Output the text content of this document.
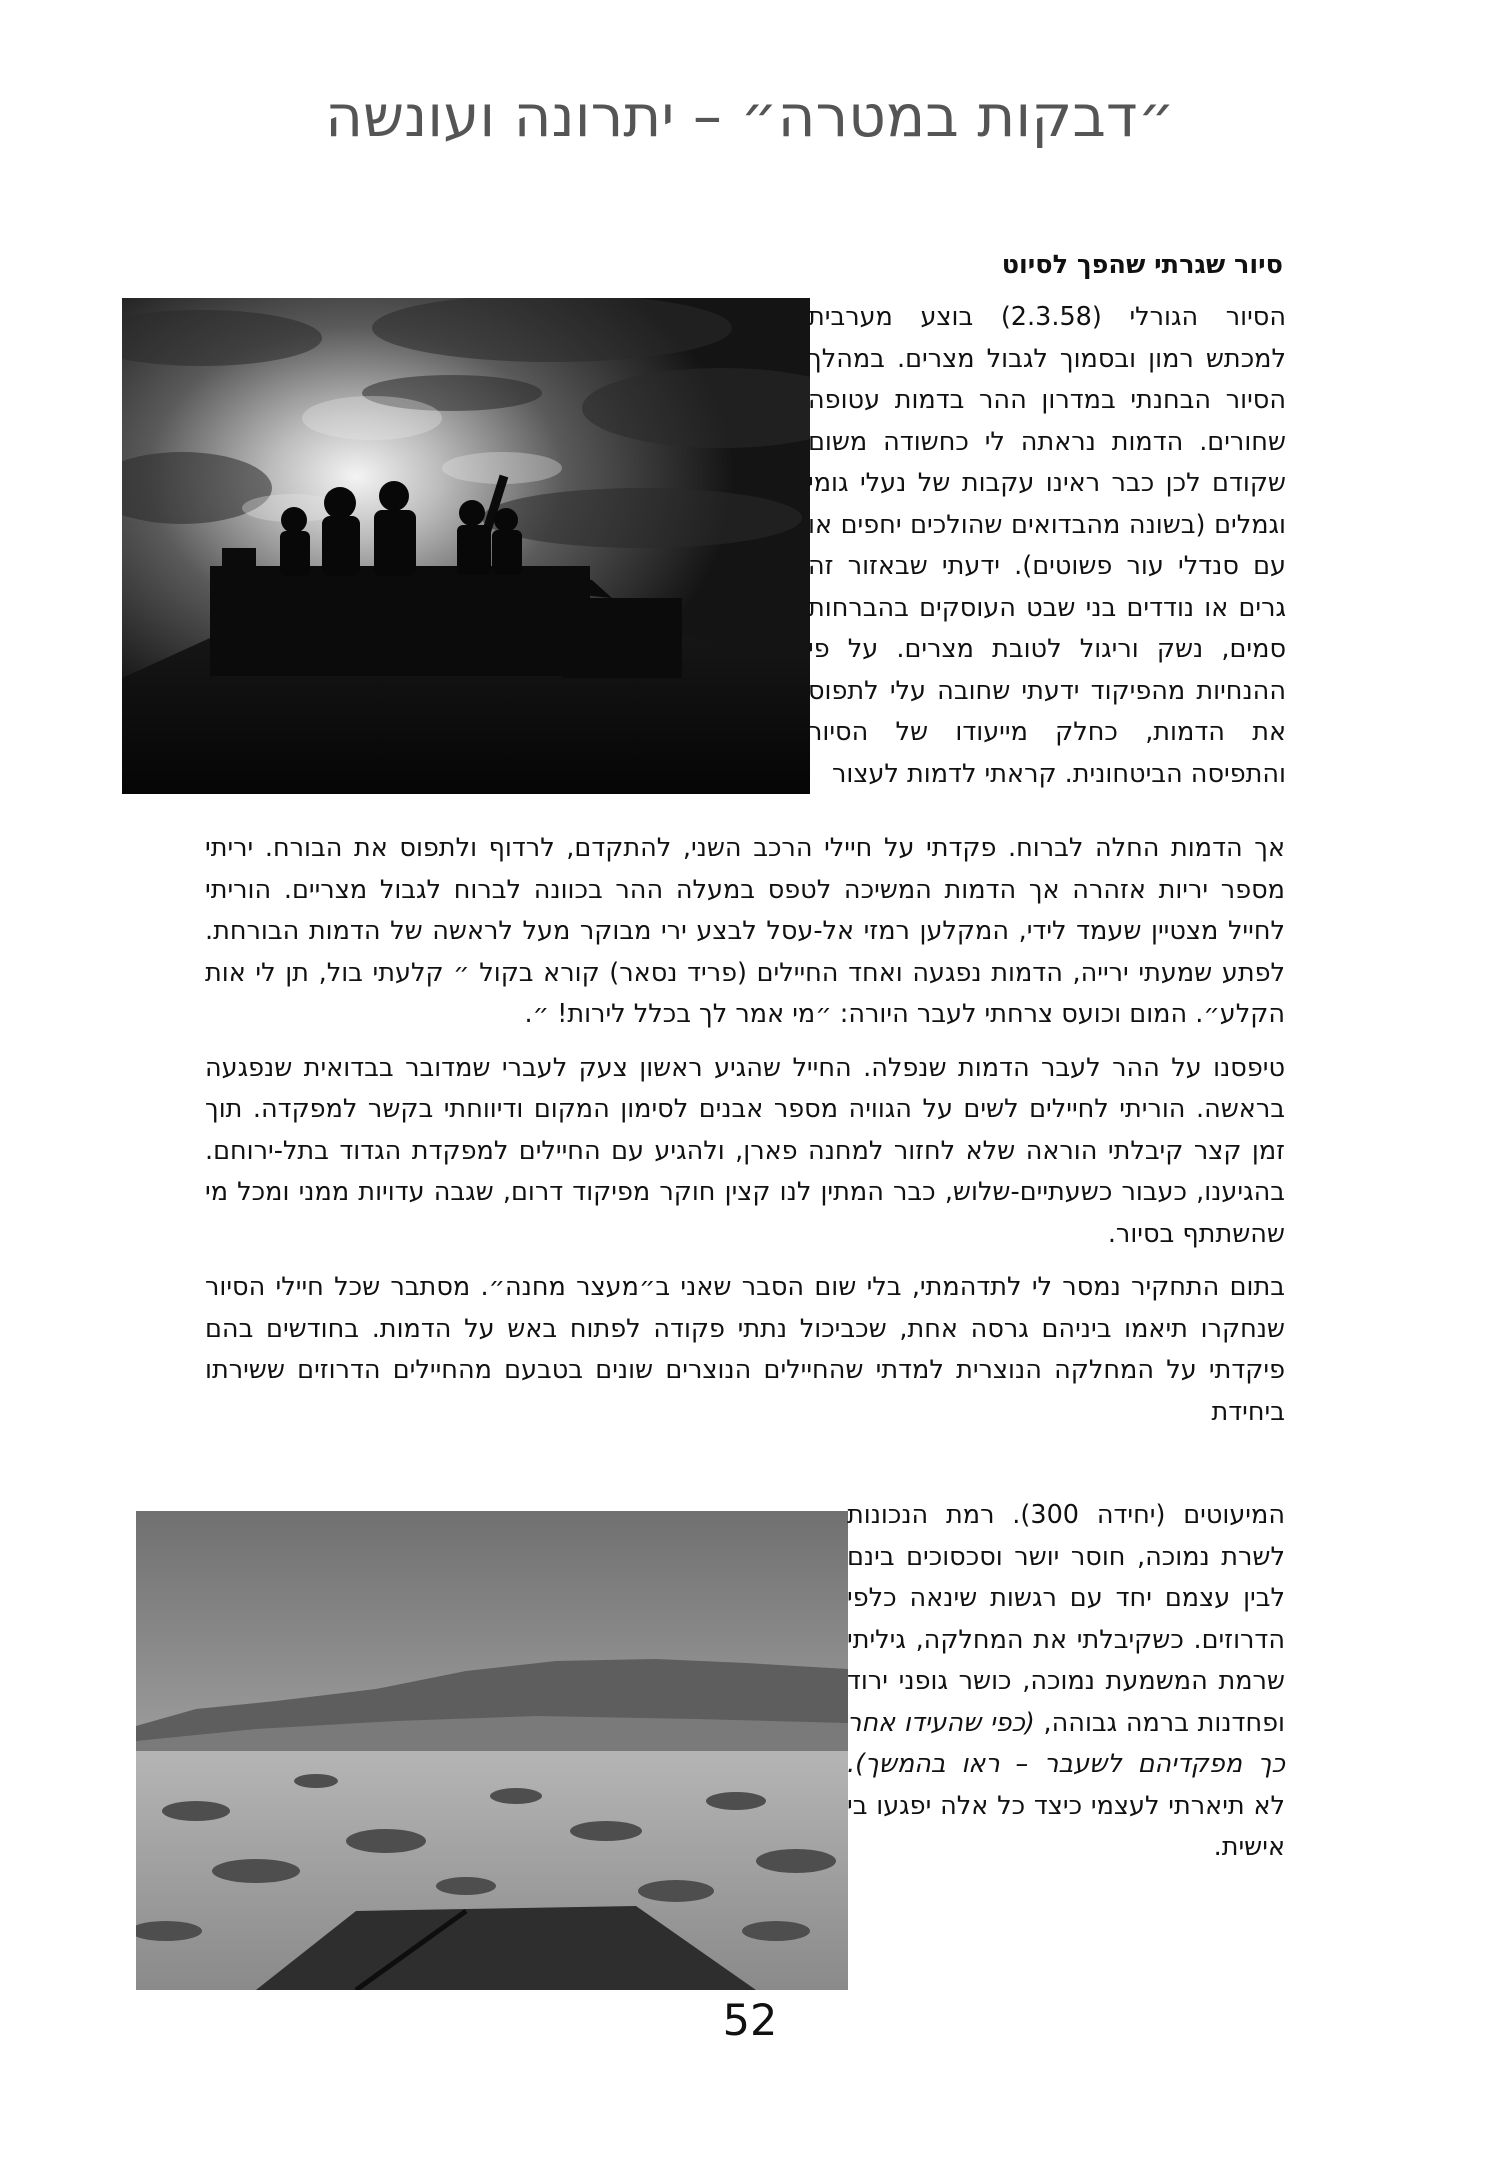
״דבקות במטרה״ – יתרונה ועונשה
סיור שגרתי שהפך לסיוט
הסיור הגורלי (2.3.58) בוצע מערבית למכתש רמון ובסמוך לגבול מצרים. במהלך הסיור הבחנתי במדרון ההר בדמות עטופה שחורים. הדמות נראתה לי כחשודה משום שקודם לכן כבר ראינו עקבות של נעלי גומי וגמלים (בשונה מהבדואים שהולכים יחפים או עם סנדלי עור פשוטים). ידעתי שבאזור זה גרים או נודדים בני שבט העוסקים בהברחות סמים, נשק וריגול לטובת מצרים. על פי ההנחיות מהפיקוד ידעתי שחובה עלי לתפוס את הדמות, כחלק מייעודו של הסיור והתפיסה הביטחונית. קראתי לדמות לעצור

אך הדמות החלה לברוח. פקדתי על חיילי הרכב השני, להתקדם, לרדוף ולתפוס את הבורח. יריתי מספר יריות אזהרה אך הדמות המשיכה לטפס במעלה ההר בכוונה לברוח לגבול מצריים. הוריתי לחייל מצטיין שעמד לידי, המקלען רמזי אל-עסל לבצע ירי מבוקר מעל לראשה של הדמות הבורחת. לפתע שמעתי ירייה, הדמות נפגעה ואחד החיילים (פריד נסאר) קורא בקול ״ קלעתי בול, תן לי אות הקלע״. המום וכועס צרחתי לעבר היורה: ״מי אמר לך בכלל לירות! ״.

טיפסנו על ההר לעבר הדמות שנפלה. החייל שהגיע ראשון צעק לעברי שמדובר בבדואית שנפגעה בראשה. הוריתי לחיילים לשים על הגוויה מספר אבנים לסימון המקום ודיווחתי בקשר למפקדה. תוך זמן קצר קיבלתי הוראה שלא לחזור למחנה פארן, ולהגיע עם החיילים למפקדת הגדוד בתל-ירוחם. בהגיענו, כעבור כשעתיים-שלוש, כבר המתין לנו קצין חוקר מפיקוד דרום, שגבה עדויות ממני ומכל מי שהשתתף בסיור.

בתום התחקיר נמסר לי לתדהמתי, בלי שום הסבר שאני ב״מעצר מחנה״. מסתבר שכל חיילי הסיור שנחקרו תיאמו ביניהם גרסה אחת, שכביכול נתתי פקודה לפתוח באש על הדמות. בחודשים בהם פיקדתי על המחלקה הנוצרית למדתי שהחיילים הנוצרים שונים בטבעם מהחיילים הדרוזים ששירתו ביחידת

המיעוטים (יחידה 300). רמת הנכונות לשרת נמוכה, חוסר יושר וסכסוכים בינם לבין עצמם יחד עם רגשות שינאה כלפי הדרוזים. כשקיבלתי את המחלקה, גיליתי שרמת המשמעת נמוכה, כושר גופני ירוד ופחדנות ברמה גבוהה, (כפי שהעידו אחר כך מפקדיהם לשעבר – ראו בהמשך). לא תיארתי לעצמי כיצד כל אלה יפגעו בי אישית.
52
